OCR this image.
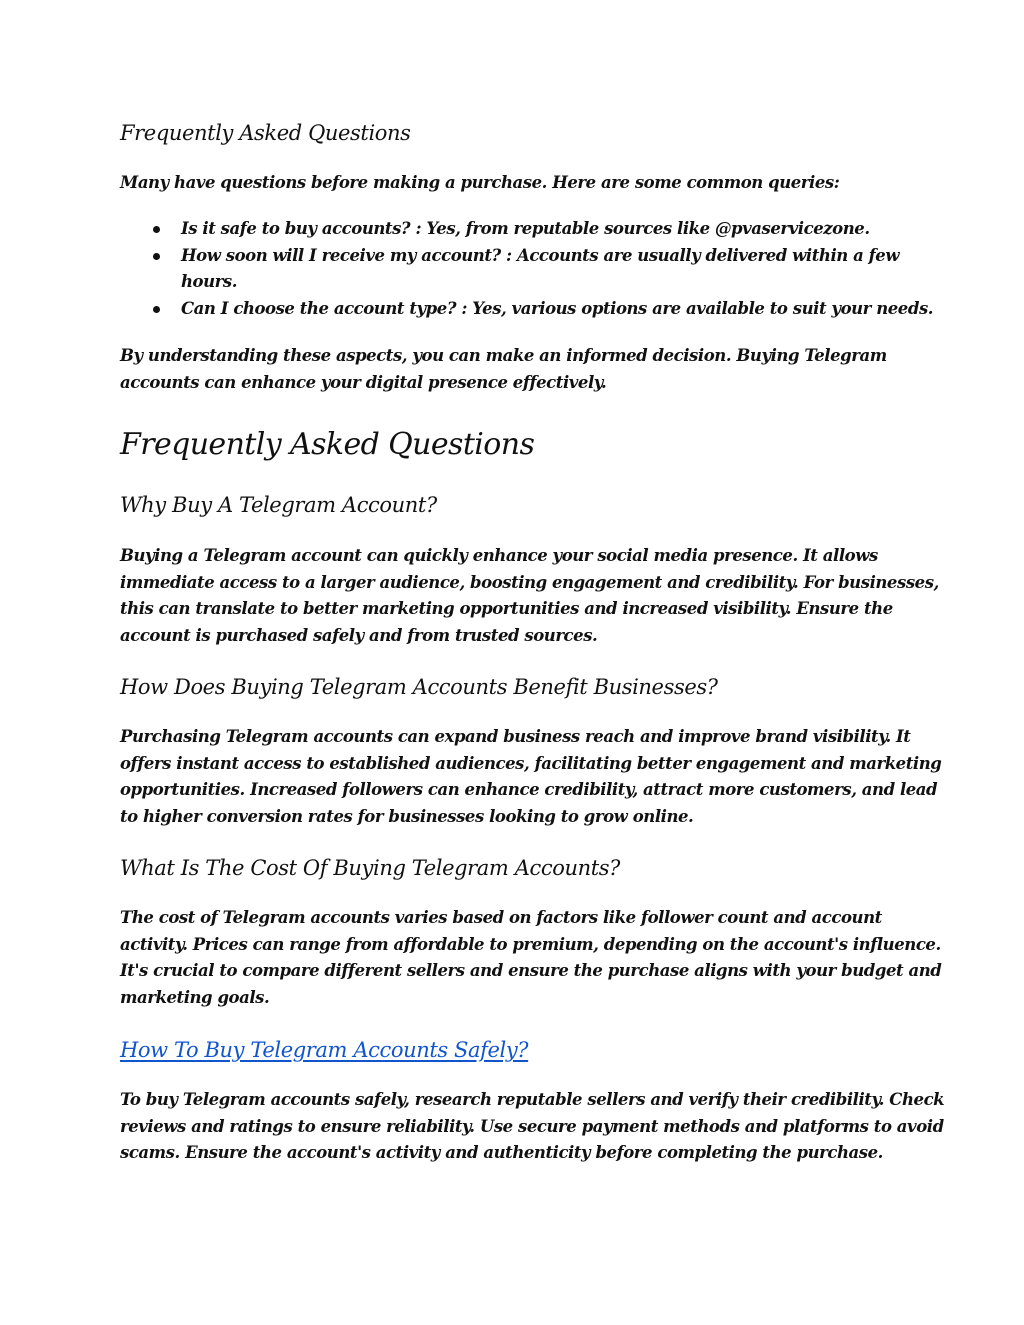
Frequently Asked Questions

Many have questions before making a purchase. Here are some common queries:

Is it safe to buy accounts? : Yes, from reputable sources like @pvaservicezone.
How soon will I receive my account? : Accounts are usually delivered within a few
hours.
Can I choose the account type? : Yes, various options are available to suit your needs.

By understanding these aspects, you can make an informed decision. Buying Telegram
accounts can enhance your digital presence effectively.

Frequently Asked Questions
Why Buy A Telegram Account?

Buying a Telegram account can quickly enhance your social media presence. It allows
immediate access to a larger audience, boosting engagement and credibility. For businesses,
this can translate to better marketing opportunities and increased visibility. Ensure the
account is purchased safely and from trusted sources.

How Does Buying Telegram Accounts Benefit Businesses?

Purchasing Telegram accounts can expand business reach and improve brand visibility. It
offers instant access to established audiences, facilitating better engagement and marketing
opportunities. Increased followers can enhance credibility, attract more customers, and lead
to higher conversion rates for businesses looking to grow online.

What Is The Cost Of Buying Telegram Accounts?

The cost of Telegram accounts varies based on factors like follower count and account
activity. Prices can range from affordable to premium, depending on the account's influence.
It's crucial to compare different sellers and ensure the purchase aligns with your budget and
marketing goals.

How To Buy Telegram Accounts Safely?

To buy Telegram accounts safely, research reputable sellers and verify their credibility. Check
reviews and ratings to ensure reliability. Use secure payment methods and platforms to avoid
scams. Ensure the account's activity and authenticity before completing the purchase.
